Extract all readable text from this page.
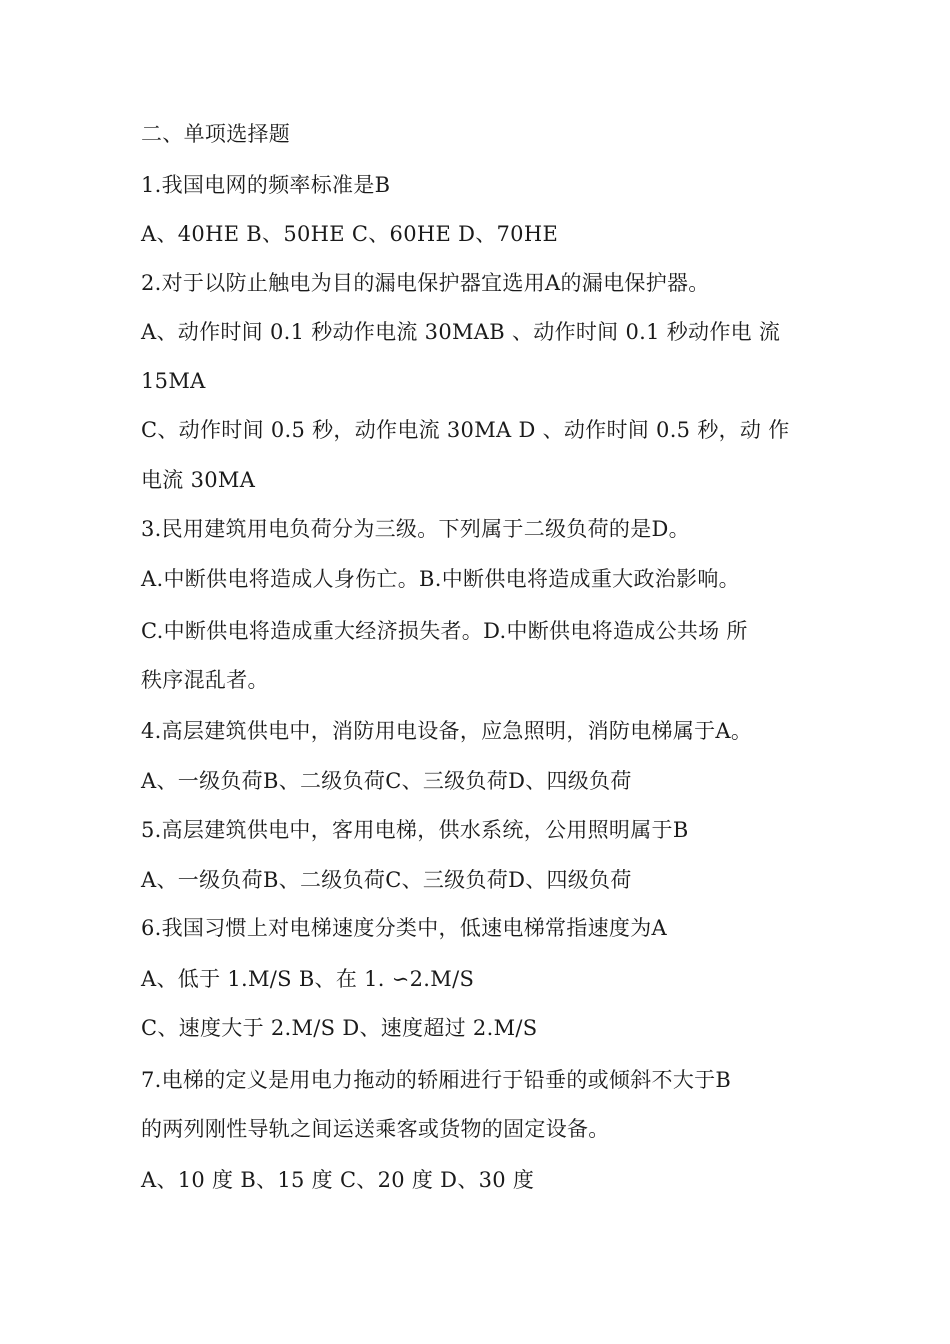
二、单项选择题

1.我国电网的频率标准是B

A、40HE B、50HE C、60HE D、70HE

2.对于以防止触电为目的漏电保护器宜选用A的漏电保护器。

A、动作时间 0.1 秒动作电流 30MAB 、动作时间 0.1 秒动作电 流

15MA

C、动作时间 0.5 秒，动作电流 30MA D 、动作时间 0.5 秒，动 作

电流 30MA

3.民用建筑用电负荷分为三级。下列属于二级负荷的是D。

A.中断供电将造成人身伤亡。B.中断供电将造成重大政治影响。

C.中断供电将造成重大经济损失者。D.中断供电将造成公共场 所

秩序混乱者。

4.高层建筑供电中，消防用电设备，应急照明，消防电梯属于A。

A、一级负荷B、二级负荷C、三级负荷D、四级负荷

5.高层建筑供电中，客用电梯，供水系统，公用照明属于B

A、一级负荷B、二级负荷C、三级负荷D、四级负荷

6.我国习惯上对电梯速度分类中，低速电梯常指速度为A

A、低于 1.M/S B、在 1. ∽2.M/S

C、速度大于 2.M/S D、速度超过 2.M/S

7.电梯的定义是用电力拖动的轿厢进行于铅垂的或倾斜不大于B

的两列刚性导轨之间运送乘客或货物的固定设备。

A、10 度 B、15 度 C、20 度 D、30 度
